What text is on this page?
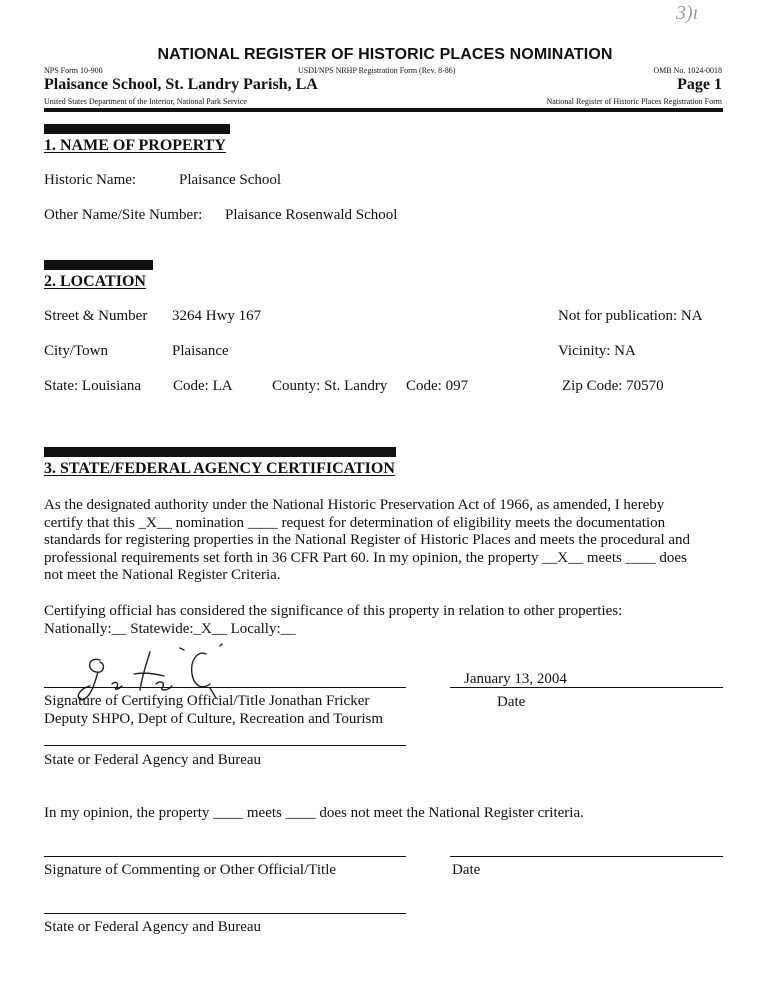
3)ı
NATIONAL REGISTER OF HISTORIC PLACES NOMINATION
NPS Form 10-900	USDI/NPS NRHP Registration Form (Rev. 8-86)	OMB No. 1024-0018
Plaisance School, St. Landry Parish, LA	Page 1
United States Department of the Interior, National Park Service	National Register of Historic Places Registration Form
1. NAME OF PROPERTY
Historic Name:	Plaisance School
Other Name/Site Number: Plaisance Rosenwald School
2. LOCATION
Street & Number 3264 Hwy 167	Not for publication: NA
City/Town	Plaisance	Vicinity: NA
State: Louisiana Code: LA	County: St. Landry Code: 097	Zip Code: 70570
3. STATE/FEDERAL AGENCY CERTIFICATION
As the designated authority under the National Historic Preservation Act of 1966, as amended, I hereby
certify that this _X__ nomination ____ request for determination of eligibility meets the documentation
standards for registering properties in the National Register of Historic Places and meets the procedural and
professional requirements set forth in 36 CFR Part 60. In my opinion, the property __X__ meets ____ does
not meet the National Register Criteria.
Certifying official has considered the significance of this property in relation to other properties:
Nationally:__ Statewide:_X__ Locally:__
January 13, 2004
Date
Signature of Certifying Official/Title Jonathan Fricker
Deputy SHPO, Dept of Culture, Recreation and Tourism
State or Federal Agency and Bureau
In my opinion, the property ____ meets ____ does not meet the National Register criteria.
Signature of Commenting or Other Official/Title	Date
State or Federal Agency and Bureau
